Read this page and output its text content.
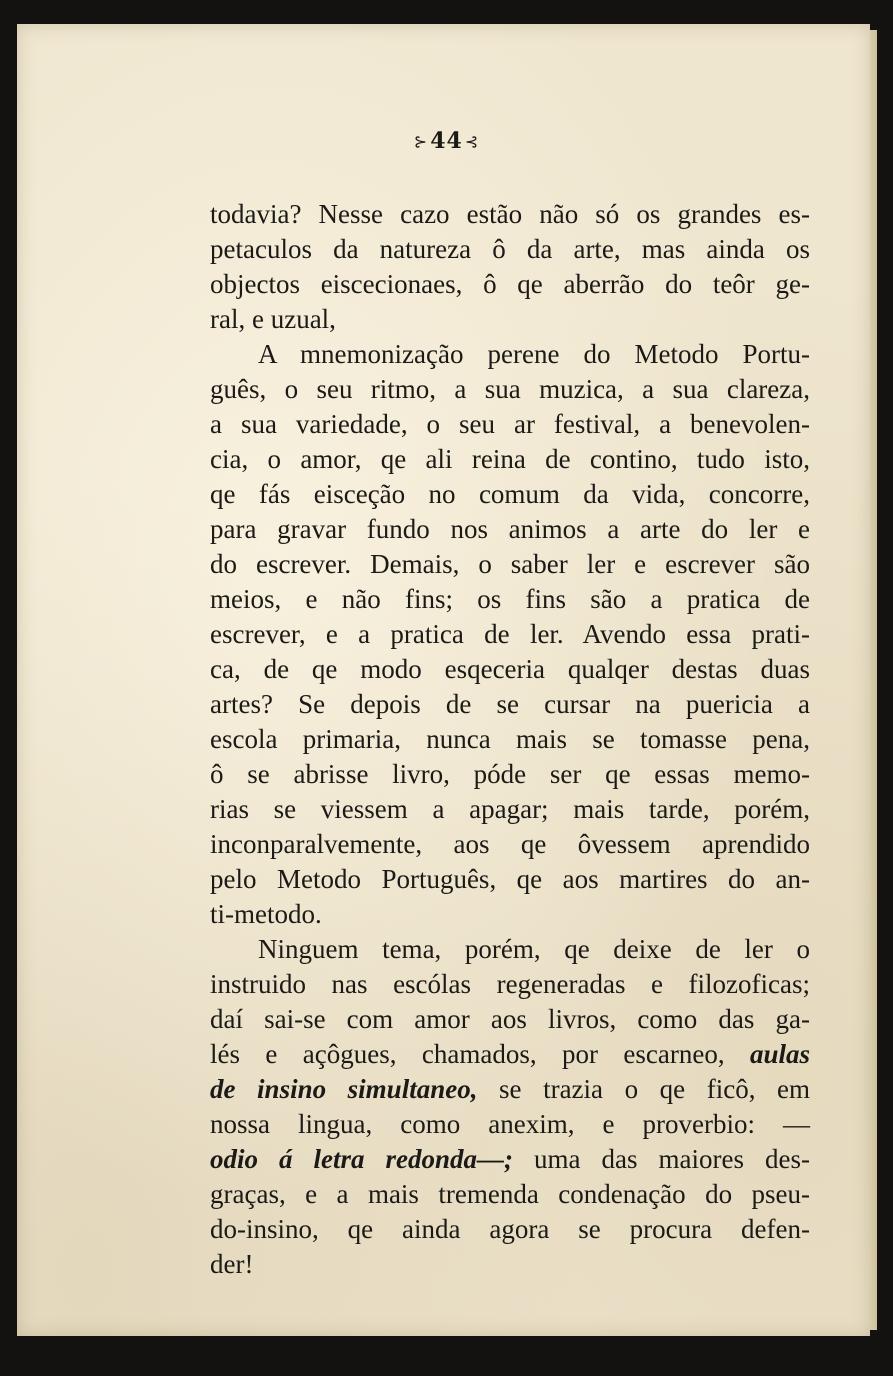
⊱44 ⊰
todavia? Nesse cazo estão não só os grandes es-
petaculos da natureza ô da arte, mas ainda os
objectos eiscecionaes, ô qe aberrão do teôr ge-
ral, e uzual,
A mnemonização perene do Metodo Portu-
guês, o seu ritmo, a sua muzica, a sua clareza,
a sua variedade, o seu ar festival, a benevolen-
cia, o amor, qe ali reina de contino, tudo isto,
qe fás eisceção no comum da vida, concorre,
para gravar fundo nos animos a arte do ler e
do escrever. Demais, o saber ler e escrever são
meios, e não fins; os fins são a pratica de
escrever, e a pratica de ler. Avendo essa prati-
ca, de qe modo esqeceria qualqer destas duas
artes? Se depois de se cursar na puericia a
escola primaria, nunca mais se tomasse pena,
ô se abrisse livro, póde ser qe essas memo-
rias se viessem a apagar; mais tarde, porém,
inconparalvemente, aos qe ôvessem aprendido
pelo Metodo Português, qe aos martires do an-
ti-metodo.
Ninguem tema, porém, qe deixe de ler o
instruido nas escólas regeneradas e filozoficas;
daí sai-se com amor aos livros, como das ga-
lés e açôgues, chamados, por escarneo, aulas
de insino simultaneo, se trazia o qe ficô, em
nossa lingua, como anexim, e proverbio: —
odio á letra redonda—; uma das maiores des-
graças, e a mais tremenda condenação do pseu-
do-insino, qe ainda agora se procura defen-
der!
